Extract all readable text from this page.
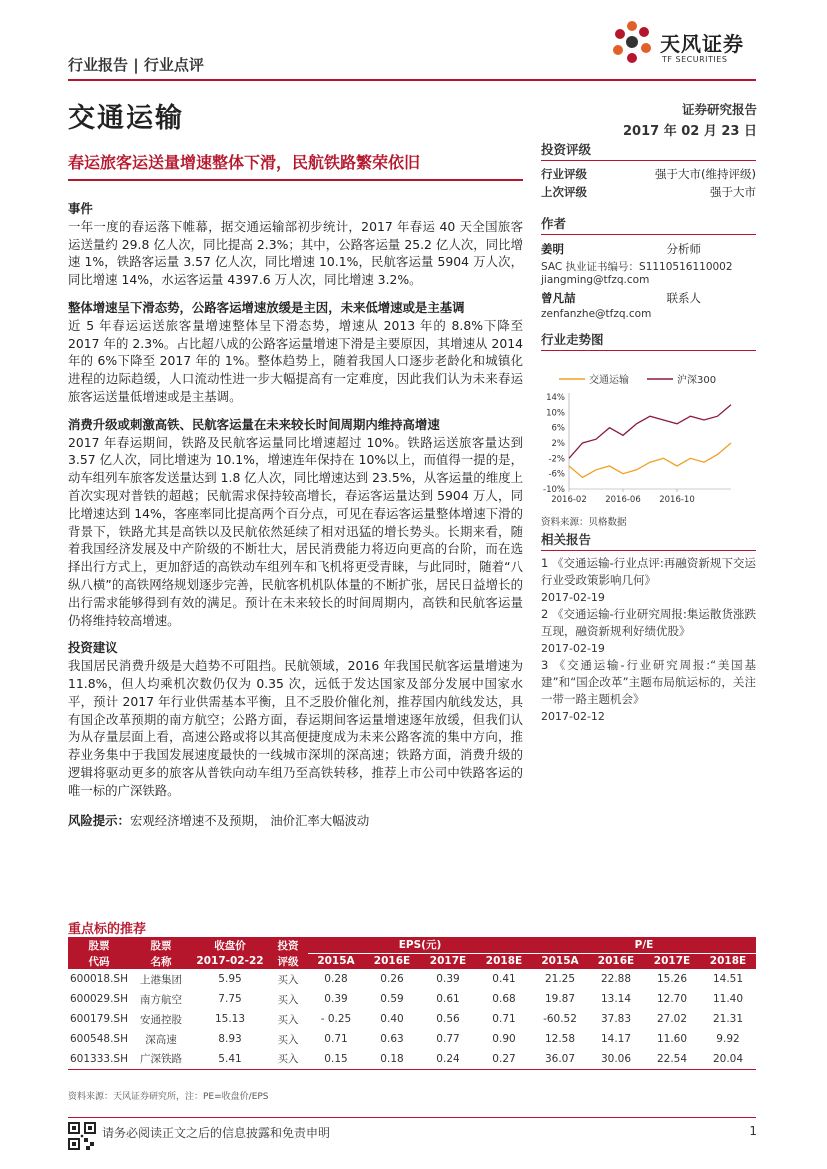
行业报告 | 行业点评
天风证券
TF SECURITIES
交通运输	证券研究报告
2017 年 02 月 23 日
春运旅客运送量增速整体下滑，民航铁路繁荣依旧
事件

一年一度的春运落下帷幕，据交通运输部初步统计，2017 年春运 40 天全国旅客运送量约 29.8 亿人次，同比提高 2.3%；其中，公路客运量 25.2 亿人次，同比增速 1%，铁路客运量 3.57 亿人次，同比增速 10.1%，民航客运量 5904 万人次，同比增速 14%，水运客运量 4397.6 万人次，同比增速 3.2%。

整体增速呈下滑态势，公路客运增速放缓是主因，未来低增速或是主基调

近 5 年春运运送旅客量增速整体呈下滑态势，增速从 2013 年的 8.8%下降至 2017 年的 2.3%。占比超八成的公路客运量增速下滑是主要原因，其增速从 2014 年的 6%下降至 2017 年的 1%。整体趋势上，随着我国人口逐步老龄化和城镇化进程的边际趋缓，人口流动性进一步大幅提高有一定难度，因此我们认为未来春运旅客运送量低增速或是主基调。

消费升级或刺激高铁、民航客运量在未来较长时间周期内维持高增速

2017 年春运期间，铁路及民航客运量同比增速超过 10%。铁路运送旅客量达到 3.57 亿人次，同比增速为 10.1%，增速连年保持在 10%以上，而值得一提的是，动车组列车旅客发送量达到 1.8 亿人次，同比增速达到 23.5%，从客运量的维度上首次实现对普铁的超越；民航需求保持较高增长，春运客运量达到 5904 万人，同比增速达到 14%，客座率同比提高两个百分点，可见在春运客运量整体增速下滑的背景下，铁路尤其是高铁以及民航依然延续了相对迅猛的增长势头。长期来看，随着我国经济发展及中产阶级的不断壮大，居民消费能力将迈向更高的台阶，而在选择出行方式上，更加舒适的高铁动车组列车和飞机将更受青睐，与此同时，随着“八纵八横”的高铁网络规划逐步完善，民航客机机队体量的不断扩张，居民日益增长的出行需求能够得到有效的满足。预计在未来较长的时间周期内，高铁和民航客运量仍将维持较高增速。

投资建议

我国居民消费升级是大趋势不可阻挡。民航领域，2016 年我国民航客运量增速为 11.8%，但人均乘机次数仍仅为 0.35 次，远低于发达国家及部分发展中国家水平，预计 2017 年行业供需基本平衡，且不乏股价催化剂，推荐国内航线发达，具有国企改革预期的南方航空；公路方面，春运期间客运量增速逐年放缓，但我们认为从存量层面上看，高速公路或将以其高便捷度成为未来公路客流的集中方向，推荐业务集中于我国发展速度最快的一线城市深圳的深高速；铁路方面，消费升级的逻辑将驱动更多的旅客从普铁向动车组乃至高铁转移，推荐上市公司中铁路客运的唯一标的广深铁路。

风险提示：宏观经济增速不及预期， 油价汇率大幅波动

投资评级
行业评级	强于大市(维持评级)
上次评级	强于大市
作者
姜明	分析师
SAC 执业证书编号：S1110516110002
jiangming@tfzq.com
曾凡喆	联系人
zenfanzhe@tfzq.com
行业走势图
交通运输	沪深300
14%
10%
6%
2%
-2%
-6%
-10%
2016-02 2016-06 2016-10
资料来源：贝格数据
相关报告
1 《交通运输-行业点评:再融资新规下交运行业受政策影响几何》
2017-02-19
2 《交通运输-行业研究周报:集运散货涨跌互现，融资新规利好绩优股》
2017-02-19
3 《交通运输-行业研究周报:“美国基建”和“国企改革”主题布局航运标的，关注一带一路主题机会》
2017-02-12
重点标的推荐
股票	股票	收盘价	投资	EPS(元)				P/E			
代码	名称	2017-02-22	评级	2015A	2016E	2017E	2018E	2015A	2016E	2017E	2018E
600018.SH	上港集团	5.95	买入	0.28	0.26	0.39	0.41	21.25	22.88	15.26	14.51
600029.SH	南方航空	7.75	买入	0.39	0.59	0.61	0.68	19.87	13.14	12.70	11.40
600179.SH	安通控股	15.13	买入	- 0.25	0.40	0.56	0.71	-60.52	37.83	27.02	21.31
600548.SH	深高速	8.93	买入	0.71	0.63	0.77	0.90	12.58	14.17	11.60	9.92
601333.SH	广深铁路	5.41	买入	0.15	0.18	0.24	0.27	36.07	30.06	22.54	20.04
资料来源：天风证券研究所，注：PE=收盘价/EPS
请务必阅读正文之后的信息披露和免责申明	1
